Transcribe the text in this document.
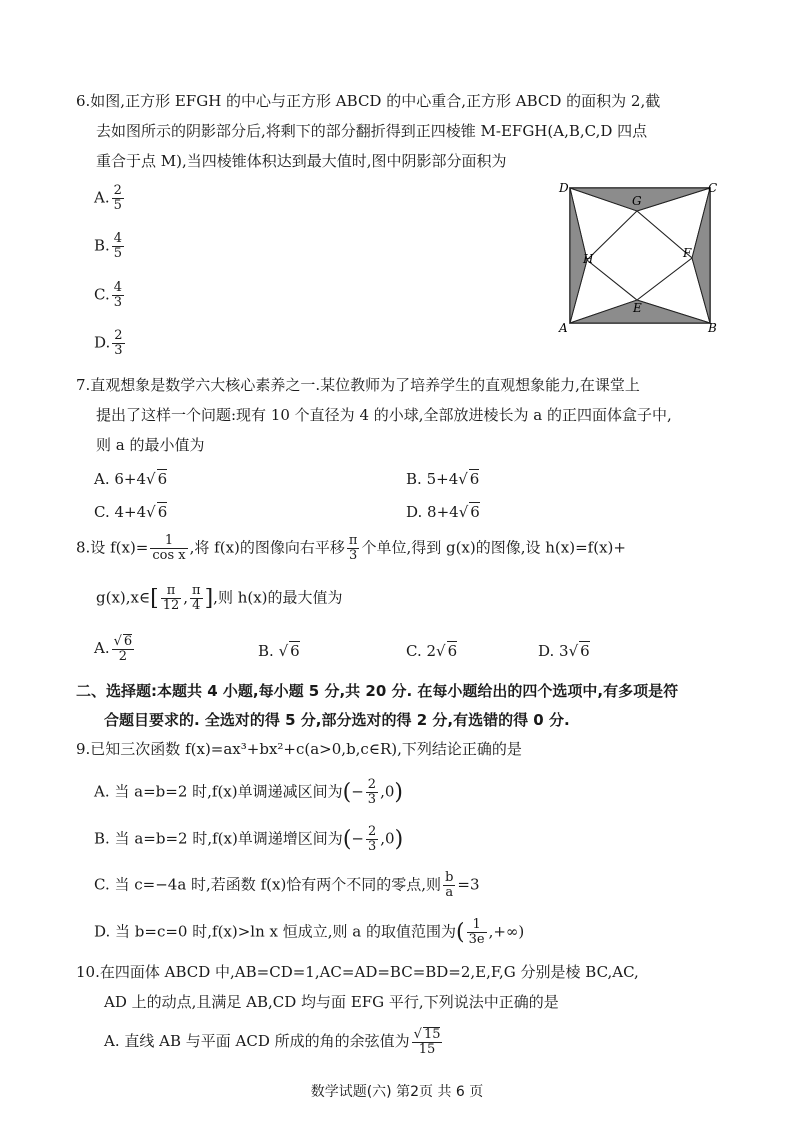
6.如图,正方形 EFGH 的中心与正方形 ABCD 的中心重合,正方形 ABCD 的面积为 2,截
去如图所示的阴影部分后,将剩下的部分翻折得到正四棱锥 M-EFGH(A,B,C,D 四点
重合于点 M),当四棱锥体积达到最大值时,图中阴影部分面积为
A. $\frac{2}{5}$
B. $\frac{4}{5}$
C. $\frac{4}{3}$
D. $\frac{2}{3}$
D	C
A	B
G
F
H
E
7.直观想象是数学六大核心素养之一.某位教师为了培养学生的直观想象能力,在课堂上
提出了这样一个问题:现有 10 个直径为 4 的小球,全部放进棱长为 a 的正四面体盒子中,
则 a 的最小值为
A. 6+4√ 6	B. 5+4√ 6
C. 4+4√ 6	D. 8+4√ 6
8.设 $f(x)= \frac{1}{\text{cos x}}$ ,将 f(x)的图像向右平移 $\frac{\pi}{3}$ 个单位,得到 g(x)的图像,设 h(x)=f(x)+
g(x),x∈[ $\frac{\pi}{12}$ , $\frac{\pi}{4}$ ],则 h(x)的最大值为
A. $\frac{√ 6}{2}$	B. √ 6	C. 2√ 6	D. 3√ 6
二、选择题:本题共 4 小题,每小题 5 分,共 20 分. 在每小题给出的四个选项中,有多项是符
合题目要求的. 全选对的得 5 分,部分选对的得 2 分,有选错的得 0 分.
9.已知三次函数 f(x)=ax³+bx²+c(a>0,b,c∈R),下列结论正确的是
A. 当 a=b=2 时,f(x)单调递减区间为(− $\frac{2}{3} ,0$)
B. 当 a=b=2 时,f(x)单调递增区间为(− $\frac{2}{3} ,0$)
C. 当 c=−4a 时,若函数 f(x)恰有两个不同的零点,则 $\frac{b}{a} =3$
D. 当 b=c=0 时,f(x)>ln x 恒成立,则 a 的取值范围为( $\frac{1}{3e}$ ,+∞)
10.在四面体 ABCD 中,AB=CD=1,AC=AD=BC=BD=2,E,F,G 分别是棱 BC,AC,
AD 上的动点,且满足 AB,CD 均与面 EFG 平行,下列说法中正确的是
A. 直线 AB 与平面 ACD 所成的角的余弦值为 $\frac{√ 15}{15}$
数学试题(六) 第2页 共 6 页
